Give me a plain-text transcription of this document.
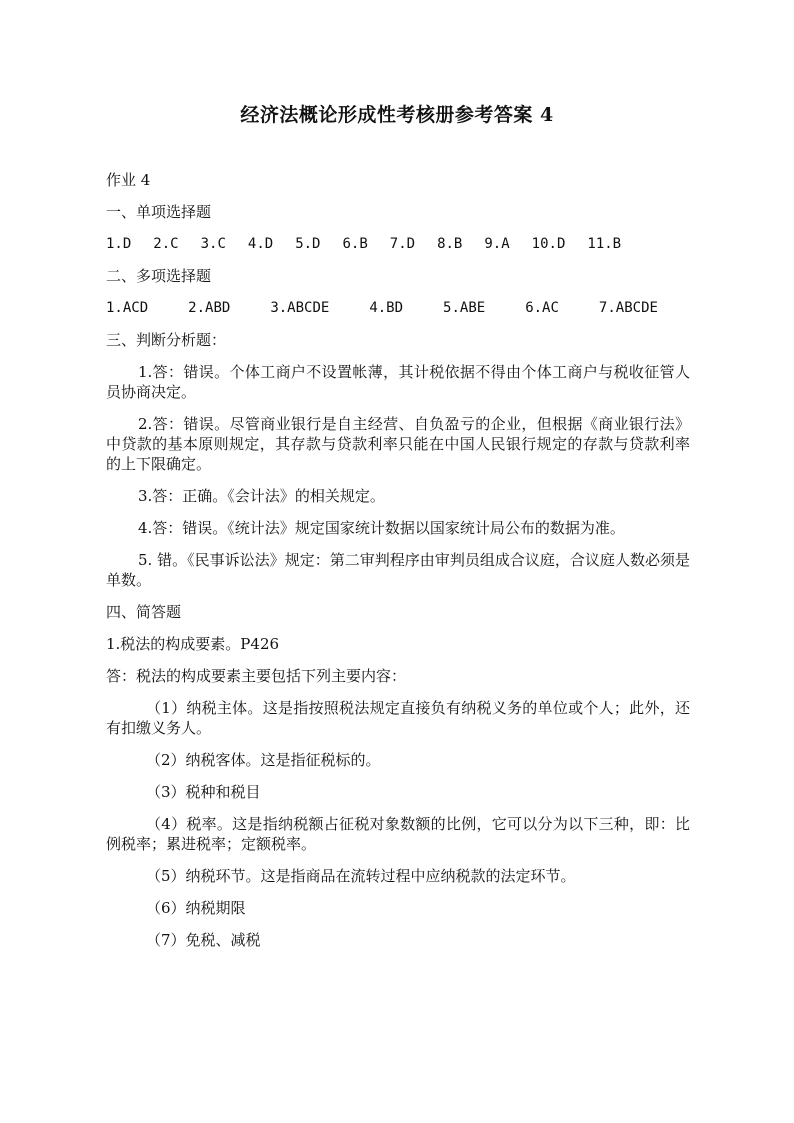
经济法概论形成性考核册参考答案 4
作业 4
一、单项选择题
1.D 2.C 3.C 4.D 5.D 6.B 7.D 8.B 9.A 10.D 11.B
二、多项选择题
1.ACD	2.ABD	3.ABCDE	4.BD	5.ABE	6.AC	7.ABCDE
三、判断分析题：
1.答：错误。个体工商户不设置帐薄，其计税依据不得由个体工商户与税收征管人员协商决定。
2.答：错误。尽管商业银行是自主经营、自负盈亏的企业，但根据《商业银行法》中贷款的基本原则规定，其存款与贷款利率只能在中国人民银行规定的存款与贷款利率的上下限确定。
3.答：正确。《会计法》的相关规定。
4.答：错误。《统计法》规定国家统计数据以国家统计局公布的数据为准。
5. 错。《民事诉讼法》规定：第二审判程序由审判员组成合议庭，合议庭人数必须是单数。
四、简答题
1.税法的构成要素。P426
答：税法的构成要素主要包括下列主要内容：
（1）纳税主体。这是指按照税法规定直接负有纳税义务的单位或个人；此外，还有扣缴义务人。
（2）纳税客体。这是指征税标的。
（3）税种和税目
（4）税率。这是指纳税额占征税对象数额的比例，它可以分为以下三种，即：比例税率；累进税率；定额税率。
（5）纳税环节。这是指商品在流转过程中应纳税款的法定环节。
（6）纳税期限
（7）免税、减税
